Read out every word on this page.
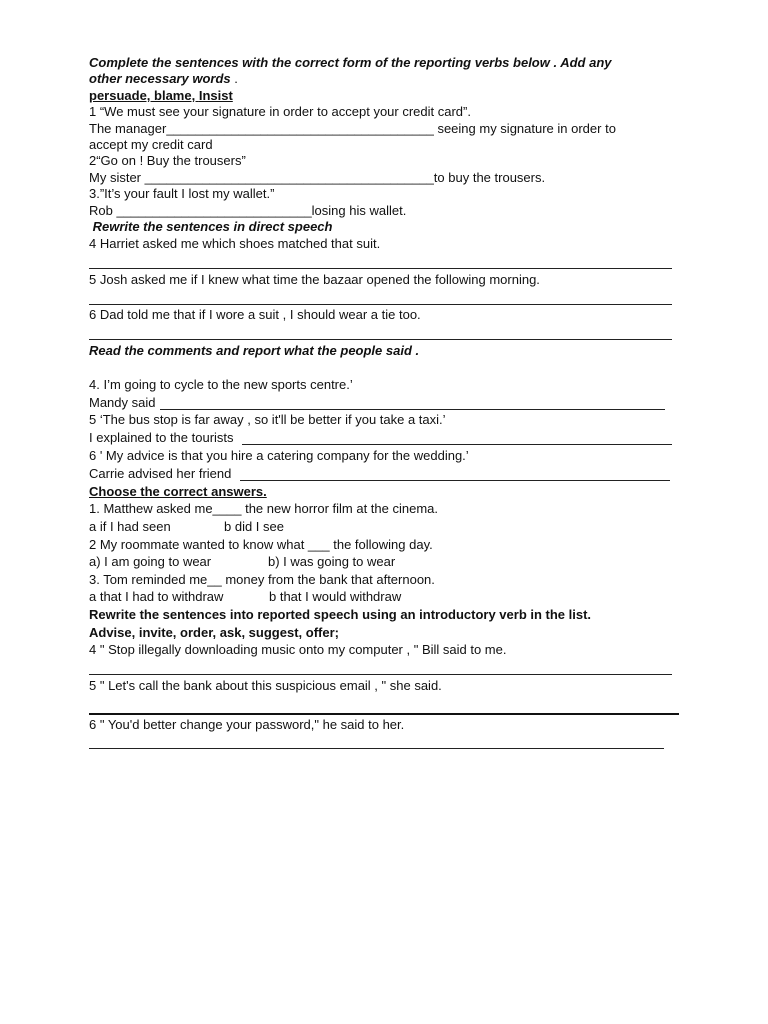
Complete the sentences with the correct form of the reporting verbs below . Add any
other necessary words .
persuade, blame, Insist
1 “We must see your signature in order to accept your credit card”.
The manager_____________________________________ seeing my signature in order to
accept my credit card
2“Go on ! Buy the trousers”
My sister ________________________________________to buy the trousers.
3.”It’s your fault I lost my wallet.”
Rob ___________________________losing his wallet.
Rewrite the sentences in direct speech
4 Harriet asked me which shoes matched that suit.
5 Josh asked me if I knew what time the bazaar opened the following morning.
6 Dad told me that if I wore a suit , I should wear a tie too.
Read the comments and report what the people said .
4. I’m going to cycle to the new sports centre.’
Mandy said
5 ‘The bus stop is far away , so it'll be better if you take a taxi.’
I explained to the tourists
6 ' My advice is that you hire a catering company for the wedding.’
Carrie advised her friend
Choose the correct answers.
1. Matthew asked me____ the new horror film at the cinema.
a if I had seen	b did I see
2 My roommate wanted to know what ___ the following day.
a) I am going to wear	b) I was going to wear
3. Tom reminded me__ money from the bank that afternoon.
a that I had to withdraw	b that I would withdraw
Rewrite the sentences into reported speech using an introductory verb in the list.
Advise, invite, order, ask, suggest, offer;
4 " Stop illegally downloading music onto my computer , " Bill said to me.
5 " Let's call the bank about this suspicious email , " she said.
6 " You'd better change your password," he said to her.
